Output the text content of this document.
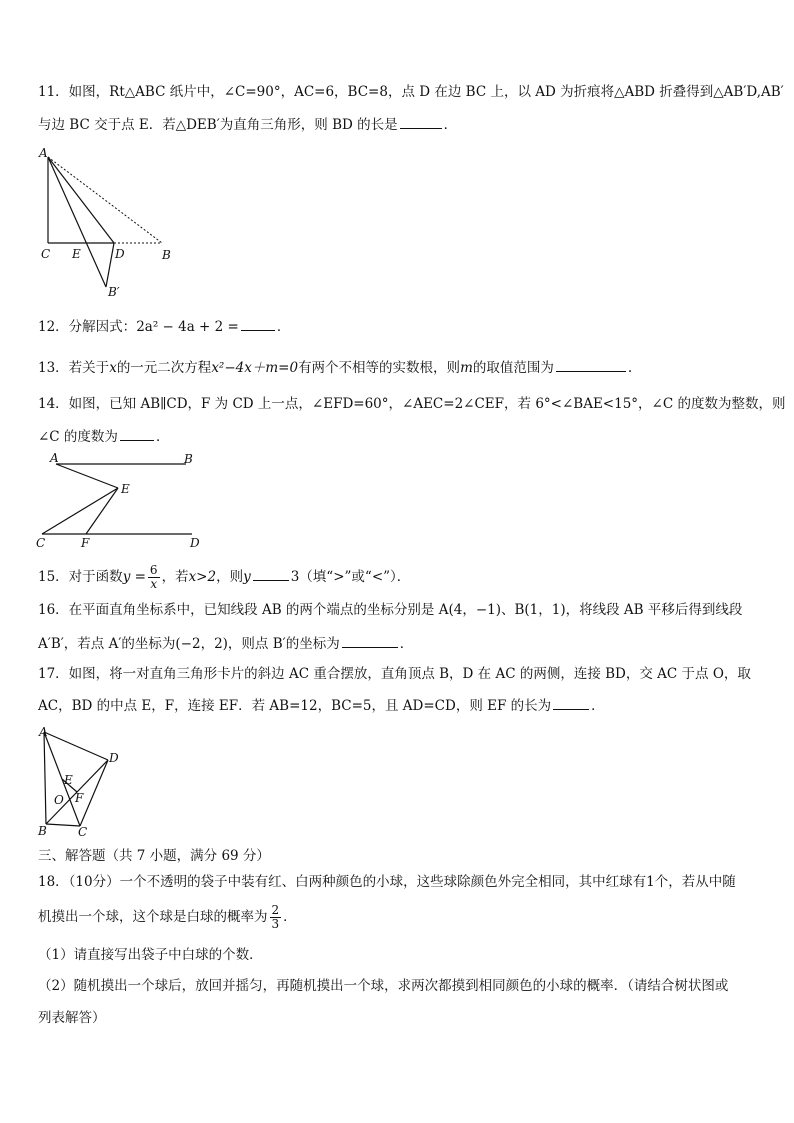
11．如图，Rt△ABC 纸片中，∠C=90°，AC=6，BC=8，点 D 在边 BC 上，以 AD 为折痕将△ABD 折叠得到△AB′D,AB′
与边 BC 交于点 E．若△DEB′为直角三角形，则 BD 的长是	．
A
C E	D	B
B′
12．分解因式：2a² − 4a + 2 =	．
13．若关于x的一元二次方程x²−4x＋m=0有两个不相等的实数根，则m的取值范围为	.
14．如图，已知 AB∥CD，F 为 CD 上一点，∠EFD=60°，∠AEC=2∠CEF，若 6°<∠BAE<15°，∠C 的度数为整数，则
∠C 的度数为	．
A	B
E
C	F	D
15．对于函数$y = \frac{6}{x}$ ，若x>2，则y	3（填“>”或“<”）．
16．在平面直角坐标系中，已知线段 AB 的两个端点的坐标分别是 A(4，−1)、B(1，1)，将线段 AB 平移后得到线段
A′B′，若点 A′的坐标为(−2，2)，则点 B′的坐标为	．
17．如图，将一对直角三角形卡片的斜边 AC 重合摆放，直角顶点 B，D 在 AC 的两侧，连接 BD，交 AC 于点 O，取
AC，BD 的中点 E，F，连接 EF．若 AB=12，BC=5，且 AD=CD，则 EF 的长为	．
A
D
E
O F
B	C
三、解答题（共 7 小题，满分 69 分）
18．（10分）一个不透明的袋子中装有红、白两种颜色的小球，这些球除颜色外完全相同，其中红球有1个，若从中随
机摸出一个球，这个球是白球的概率为 $\frac{2}{3}$ ．
（1）请直接写出袋子中白球的个数．
（2）随机摸出一个球后，放回并摇匀，再随机摸出一个球，求两次都摸到相同颜色的小球的概率．（请结合树状图或
列表解答）
